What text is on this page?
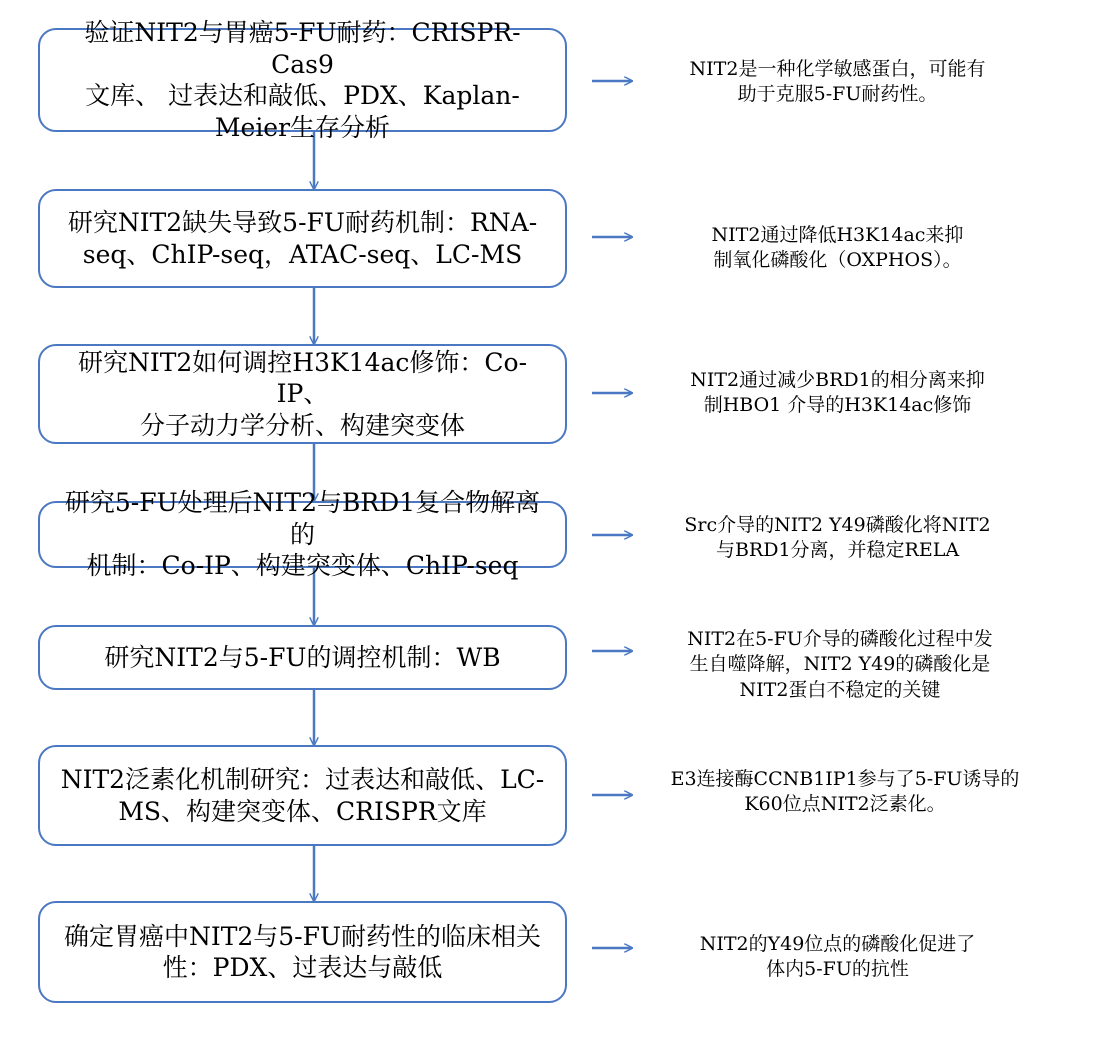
验证NIT2与胃癌5-FU耐药：CRISPR-Cas9
文库、 过表达和敲低、PDX、Kaplan-
Meier生存分析
研究NIT2缺失导致5-FU耐药机制：RNA-
seq、ChIP-seq，ATAC-seq、LC-MS
研究NIT2如何调控H3K14ac修饰：Co-IP、
分子动力学分析、构建突变体
研究5-FU处理后NIT2与BRD1复合物解离的
机制：Co-IP、构建突变体、ChIP-seq
研究NIT2与5-FU的调控机制：WB
NIT2泛素化机制研究：过表达和敲低、LC-
MS、构建突变体、CRISPR文库
确定胃癌中NIT2与5-FU耐药性的临床相关
性：PDX、过表达与敲低
NIT2是一种化学敏感蛋白，可能有
助于克服5-FU耐药性。
NIT2通过降低H3K14ac来抑
制氧化磷酸化（OXPHOS）。
NIT2通过减少BRD1的相分离来抑
制HBO1 介导的H3K14ac修饰
Src介导的NIT2 Y49磷酸化将NIT2
与BRD1分离，并稳定RELA
NIT2在5-FU介导的磷酸化过程中发
生自噬降解，NIT2 Y49的磷酸化是
NIT2蛋白不稳定的关键
E3连接酶CCNB1IP1参与了5-FU诱导的
K60位点NIT2泛素化。
NIT2的Y49位点的磷酸化促进了
体内5-FU的抗性
